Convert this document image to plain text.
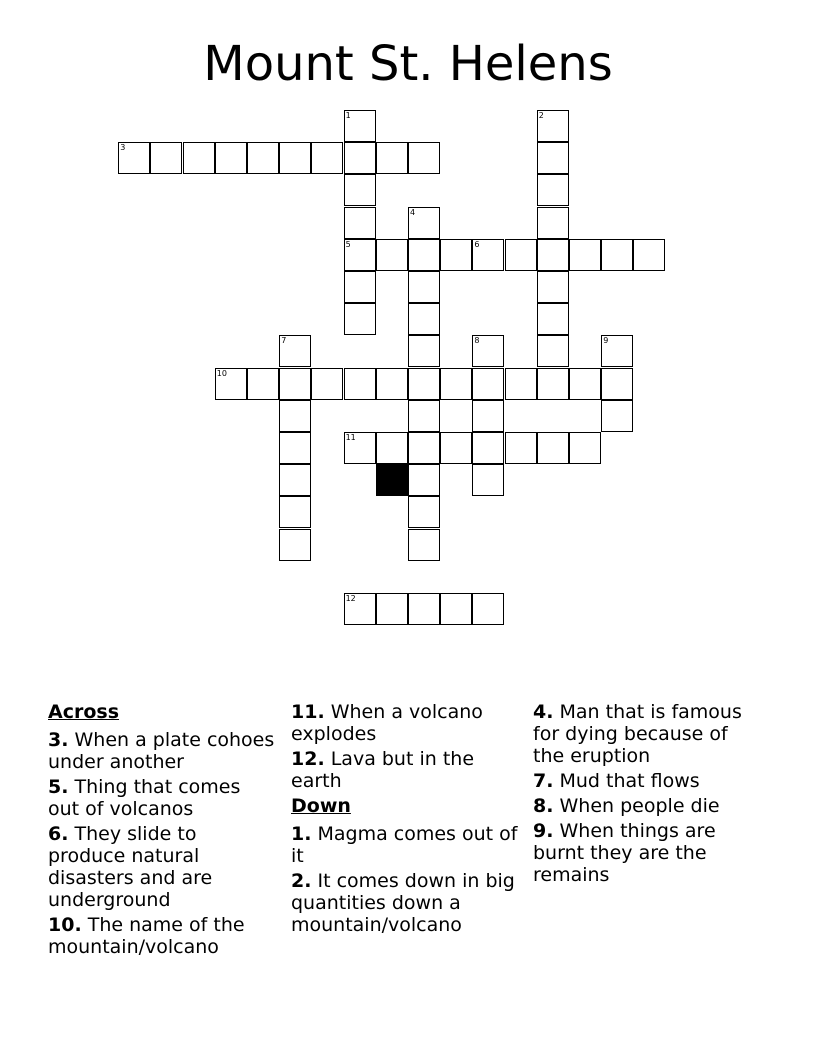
Mount St. Helens
3
1
5
2
4
6
7	8	9
10
11
12
Across
3. When a plate cohoes under another
5. Thing that comes out of volcanos
6. They slide to produce natural disasters and are underground
10. The name of the mountain/volcano
11. When a volcano explodes
12. Lava but in the earth
Down
1. Magma comes out of it
2. It comes down in big quantities down a mountain/volcano
4. Man that is famous for dying because of the eruption
7. Mud that flows
8. When people die
9. When things are burnt they are the remains
